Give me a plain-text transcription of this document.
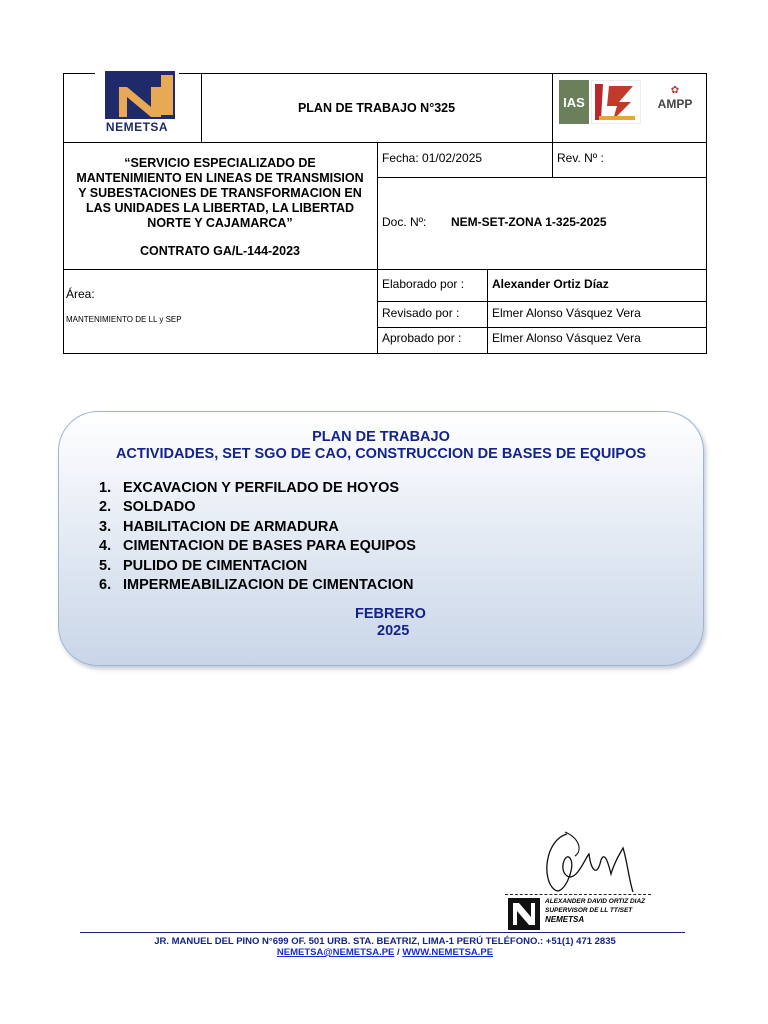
NEMETSA
PLAN DE TRABAJO N°325	IAS
✿
AMPP

“SERVICIO ESPECIALIZADO DE MANTENIMIENTO EN LINEAS DE TRANSMISION Y SUBESTACIONES DE TRANSFORMACION EN LAS UNIDADES LA LIBERTAD, LA LIBERTAD NORTE Y CAJAMARCA”

CONTRATO GA/L-144-2023

Fecha: 01/02/2025	Rev. Nº :
Doc. Nº: NEM-SET-ZONA 1-325-2025
Área:
MANTENIMIENTO DE LL y SEP
Elaborado por : Alexander Ortiz Díaz
Revisado por :	Elmer Alonso Vásquez Vera
Aprobado por :	Elmer Alonso Vásquez Vera
PLAN DE TRABAJO
ACTIVIDADES, SET SGO DE CAO, CONSTRUCCION DE BASES DE EQUIPOS
1. EXCAVACION Y PERFILADO DE HOYOS
2. SOLDADO
3. HABILITACION DE ARMADURA
4. CIMENTACION DE BASES PARA EQUIPOS
5. PULIDO DE CIMENTACION
6. IMPERMEABILIZACION DE CIMENTACION
FEBRERO
2025
ALEXANDER DAVID ORTIZ DIAZ
SUPERVISOR DE LL TT/SET
NEMETSA
JR. MANUEL DEL PINO N°699 OF. 501 URB. STA. BEATRIZ, LIMA-1 PERÚ TELÉFONO.: +51(1) 471 2835
NEMETSA@NEMETSA.PE / WWW.NEMETSA.PE
